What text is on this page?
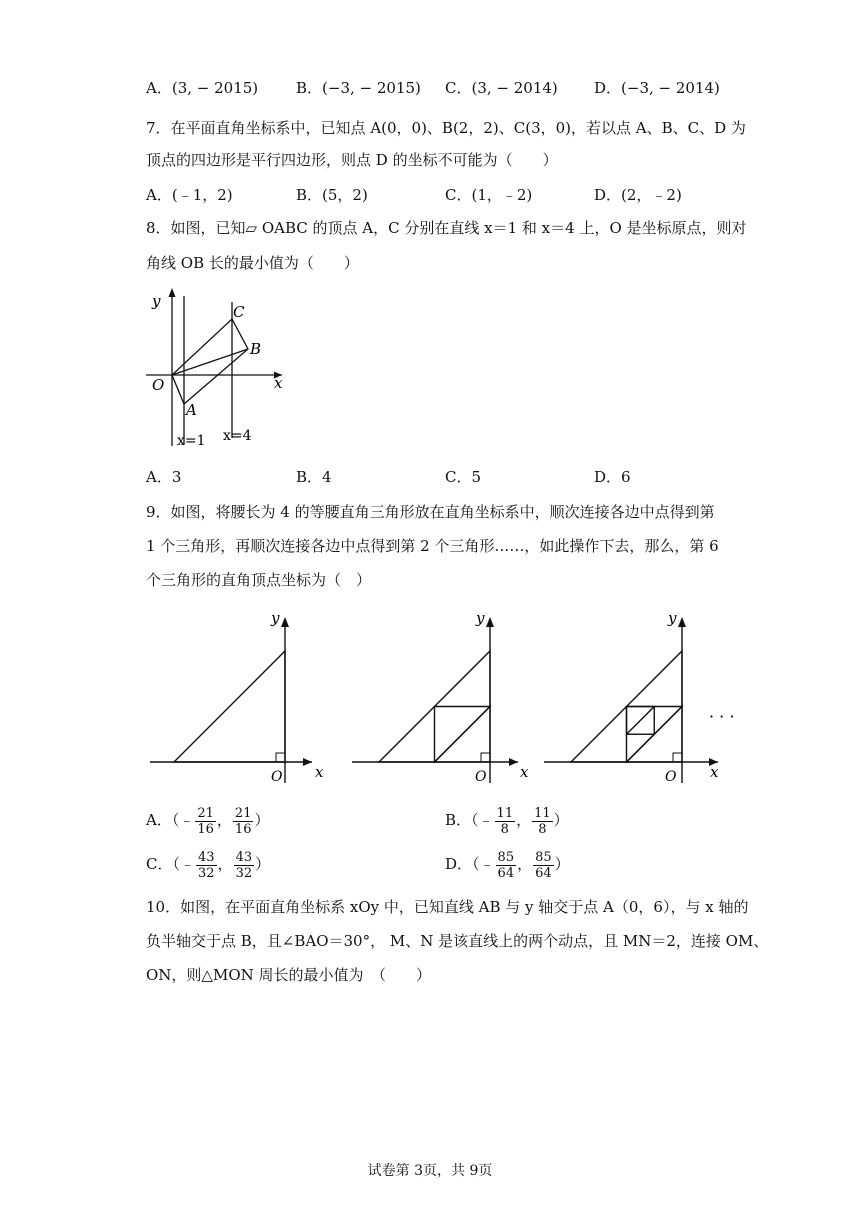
A．(3, − 2015)	B．(−3, − 2015) C．(3, − 2014) D．(−3, − 2014)
7．在平面直角坐标系中，已知点 A(0，0)、B(2，2)、C(3，0)，若以点 A、B、C、D 为
顶点的四边形是平行四边形，则点 D 的坐标不可能为（　　）
A．(﹣1，2)	B．(5，2)	C．(1，﹣2)	D．(2，﹣2)
8．如图，已知▱ OABC 的顶点 A，C 分别在直线 x＝1 和 x＝4 上，O 是坐标原点，则对
角线 OB 长的最小值为（　　）
y
x
O
A
B
C
x=1 x=4
A．3	B．4	C．5	D．6
9．如图，将腰长为 4 的等腰直角三角形放在直角坐标系中，顺次连接各边中点得到第
1 个三角形，再顺次连接各边中点得到第 2 个三角形……，如此操作下去，那么，第 6
个三角形的直角顶点坐标为（　）
y
x
O
y
x
O
y
x
O
· · ·
A．（﹣ $\frac{21}{16}$ ， $\frac{21}{16}$ ）	B．（﹣ $\frac{11}{8}$ ， $\frac{11}{8}$ ）
C．（﹣ $\frac{43}{32}$ ， $\frac{43}{32}$ ）	D．（﹣ $\frac{85}{64}$ ， $\frac{85}{64}$ ）
10．如图，在平面直角坐标系 xOy 中，已知直线 AB 与 y 轴交于点 A（0，6），与 x 轴的
负半轴交于点 B，且∠BAO＝30°， M、N 是该直线上的两个动点，且 MN＝2，连接 OM、
ON，则△MON 周长的最小值为　（　　）
试卷第 3页，共 9页
